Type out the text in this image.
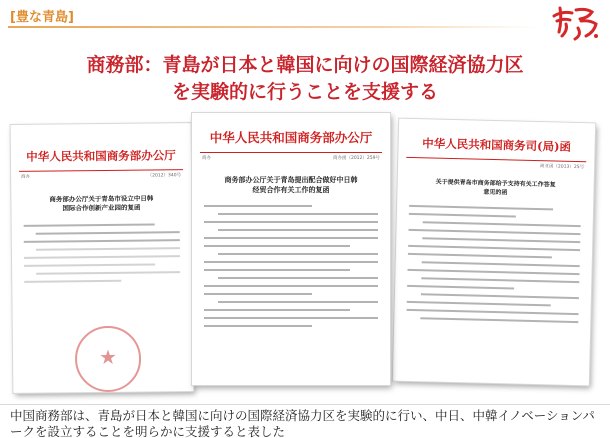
[豊な青島]
商務部：青島が日本と韓国に向けの国際経済協力区
を実験的に行うことを支援する
中华人民共和国商务部办公厅
商办	（2012）340号
商务部办公厅关于青岛市设立中日韩
国际合作创新产业园的复函
★
中华人民共和国商务部办公厅
商办	商办函（2012）259号
商务部办公厅关于青岛提出配合做好中日韩
经贸合作有关工作的复函
中华人民共和国商务司(局)函
商亚函（2013）25号
关于提供青岛市商务部给予支持有关工作答复
意见的函
中国商務部は、青島が日本と韓国に向けの国際経済協力区を実験的に行い、中日、中韓イノベーションパークを設立することを明らかに支援すると表した
